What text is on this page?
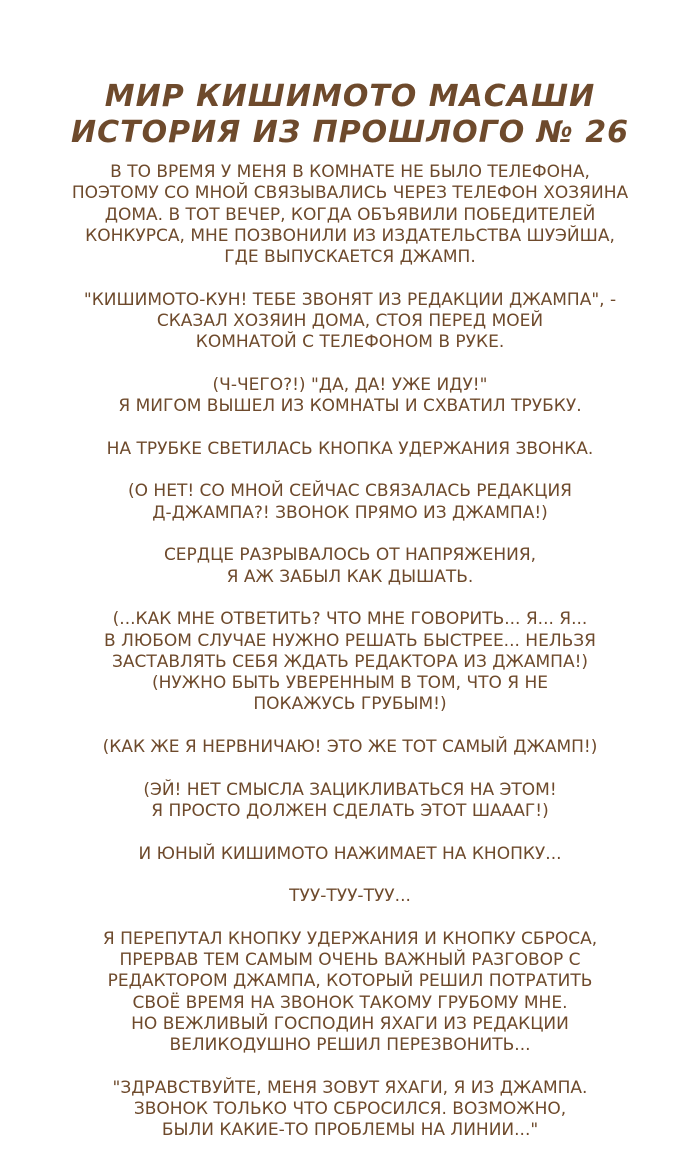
МИР КИШИМОТО МАСАШИ
ИСТОРИЯ ИЗ ПРОШЛОГО № 26

В ТО ВРЕМЯ У МЕНЯ В КОМНАТЕ НЕ БЫЛО ТЕЛЕФОНА,
ПОЭТОМУ СО МНОЙ СВЯЗЫВАЛИСЬ ЧЕРЕЗ ТЕЛЕФОН ХОЗЯИНА
ДОМА. В ТОТ ВЕЧЕР, КОГДА ОБЪЯВИЛИ ПОБЕДИТЕЛЕЙ
КОНКУРСА, МНЕ ПОЗВОНИЛИ ИЗ ИЗДАТЕЛЬСТВА ШУЭЙША,
ГДЕ ВЫПУСКАЕТСЯ ДЖАМП.

"КИШИМОТО-КУН! ТЕБЕ ЗВОНЯТ ИЗ РЕДАКЦИИ ДЖАМПА", -
СКАЗАЛ ХОЗЯИН ДОМА, СТОЯ ПЕРЕД МОЕЙ
КОМНАТОЙ С ТЕЛЕФОНОМ В РУКЕ.

(Ч-ЧЕГО?!) "ДА, ДА! УЖЕ ИДУ!"
Я МИГОМ ВЫШЕЛ ИЗ КОМНАТЫ И СХВАТИЛ ТРУБКУ.

НА ТРУБКЕ СВЕТИЛАСЬ КНОПКА УДЕРЖАНИЯ ЗВОНКА.

(О НЕТ! СО МНОЙ СЕЙЧАС СВЯЗАЛАСЬ РЕДАКЦИЯ
Д-ДЖАМПА?! ЗВОНОК ПРЯМО ИЗ ДЖАМПА!)

СЕРДЦЕ РАЗРЫВАЛОСЬ ОТ НАПРЯЖЕНИЯ,
Я АЖ ЗАБЫЛ КАК ДЫШАТЬ.

(...КАК МНЕ ОТВЕТИТЬ? ЧТО МНЕ ГОВОРИТЬ... Я... Я...
В ЛЮБОМ СЛУЧАЕ НУЖНО РЕШАТЬ БЫСТРЕЕ... НЕЛЬЗЯ
ЗАСТАВЛЯТЬ СЕБЯ ЖДАТЬ РЕДАКТОРА ИЗ ДЖАМПА!)
(НУЖНО БЫТЬ УВЕРЕННЫМ В ТОМ, ЧТО Я НЕ
ПОКАЖУСЬ ГРУБЫМ!)

(КАК ЖЕ Я НЕРВНИЧАЮ! ЭТО ЖЕ ТОТ САМЫЙ ДЖАМП!)

(ЭЙ! НЕТ СМЫСЛА ЗАЦИКЛИВАТЬСЯ НА ЭТОМ!
Я ПРОСТО ДОЛЖЕН СДЕЛАТЬ ЭТОТ ШАААГ!)

И ЮНЫЙ КИШИМОТО НАЖИМАЕТ НА КНОПКУ...

ТУУ-ТУУ-ТУУ...

Я ПЕРЕПУТАЛ КНОПКУ УДЕРЖАНИЯ И КНОПКУ СБРОСА,
ПРЕРВАВ ТЕМ САМЫМ ОЧЕНЬ ВАЖНЫЙ РАЗГОВОР С
РЕДАКТОРОМ ДЖАМПА, КОТОРЫЙ РЕШИЛ ПОТРАТИТЬ
СВОЁ ВРЕМЯ НА ЗВОНОК ТАКОМУ ГРУБОМУ МНЕ.
НО ВЕЖЛИВЫЙ ГОСПОДИН ЯХАГИ ИЗ РЕДАКЦИИ
ВЕЛИКОДУШНО РЕШИЛ ПЕРЕЗВОНИТЬ...

"ЗДРАВСТВУЙТЕ, МЕНЯ ЗОВУТ ЯХАГИ, Я ИЗ ДЖАМПА.
ЗВОНОК ТОЛЬКО ЧТО СБРОСИЛСЯ. ВОЗМОЖНО,
БЫЛИ КАКИЕ-ТО ПРОБЛЕМЫ НА ЛИНИИ..."
